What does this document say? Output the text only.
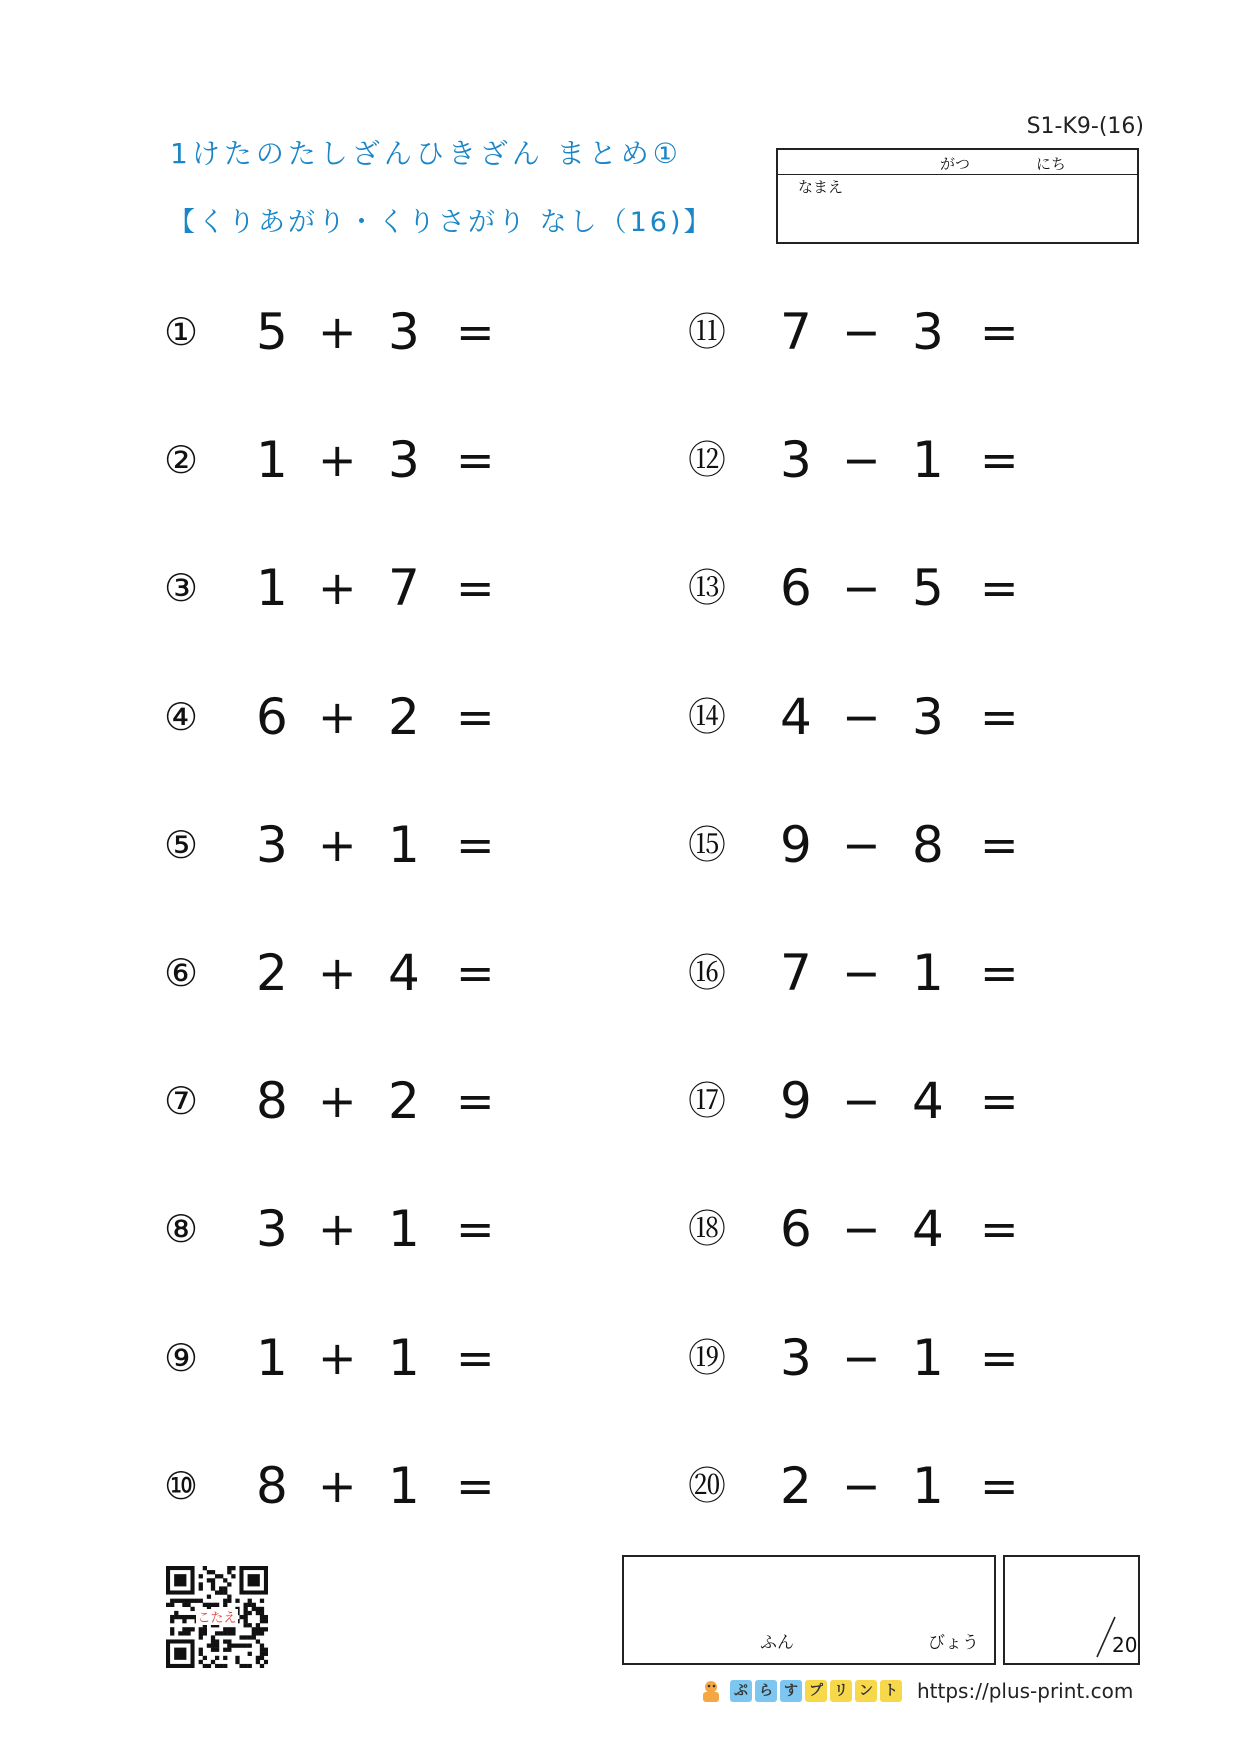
S1-K9-(16)
1けたのたしざんひきざん まとめ①
【くりあがり・くりさがり なし（16)】
がつ	にち
なまえ
① 5 + 3 =
② 1 + 3 =
③ 1 + 7 =
④ 6 + 2 =
⑤ 3 + 1 =
⑥ 2 + 4 =
⑦ 8 + 2 =
⑧ 3 + 1 =
⑨ 1 + 1 =
⑩ 8 + 1 =
⑪ 7 − 3 =
⑫ 3 − 1 =
⑬ 6 − 5 =
⑭ 4 − 3 =
⑮ 9 − 8 =
⑯ 7 − 1 =
⑰ 9 − 4 =
⑱ 6 − 4 =
⑲ 3 − 1 =
⑳ 2 − 1 =
こたえ
ふん	びょう	20
ぷ ら す プ リ ン ト https://plus-print.com
